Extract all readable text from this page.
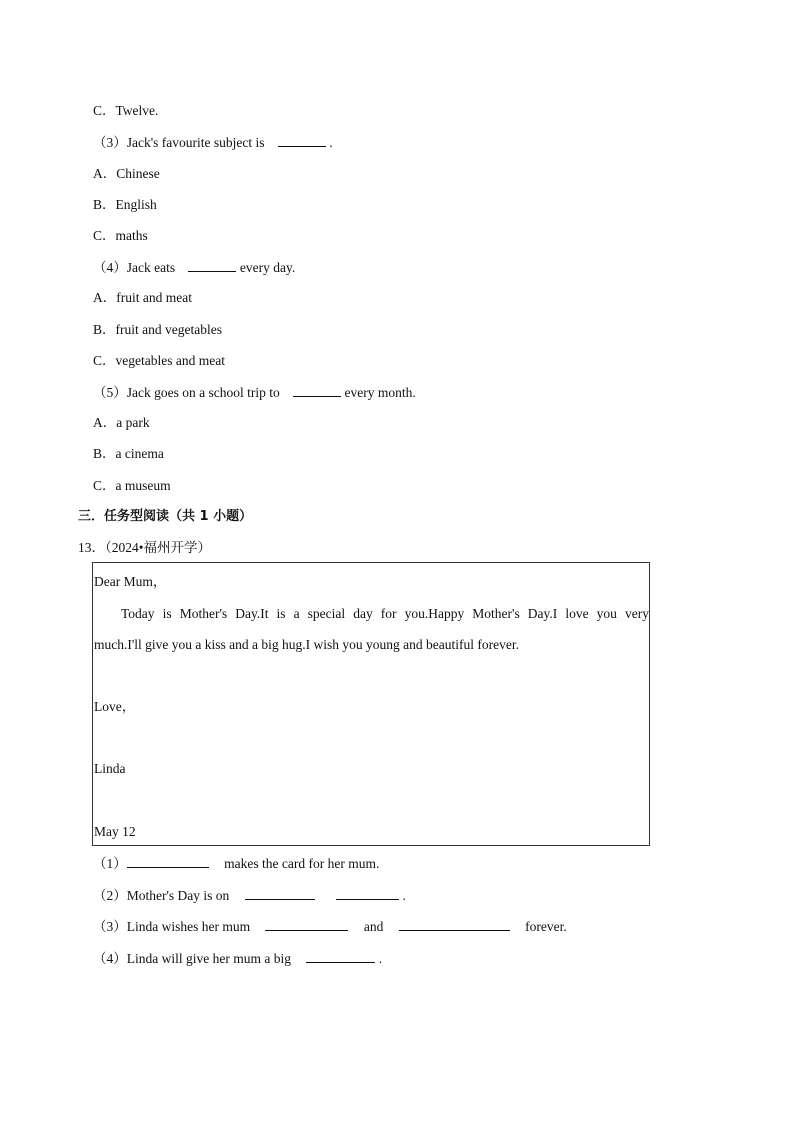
C．Twelve.
（3）Jack's favourite subject is	.
A．Chinese
B．English
C．maths
（4）Jack eats	every day.
A．fruit and meat
B．fruit and vegetables
C．vegetables and meat
（5）Jack goes on a school trip to	every month.
A．a park
B．a cinema
C．a museum
三．任务型阅读（共 1 小题）
13．（2024•福州开学）
Dear Mum，
Today is Mother's Day.It is a special day for you.Happy Mother's Day.I love you very
much.I'll give you a kiss and a big hug.I wish you young and beautiful forever.
Love，
Linda
May 12
（1）	makes the card for her mum.
（2）Mother's Day is on	.
（3）Linda wishes her mum	and	forever.
（4）Linda will give her mum a big	.
